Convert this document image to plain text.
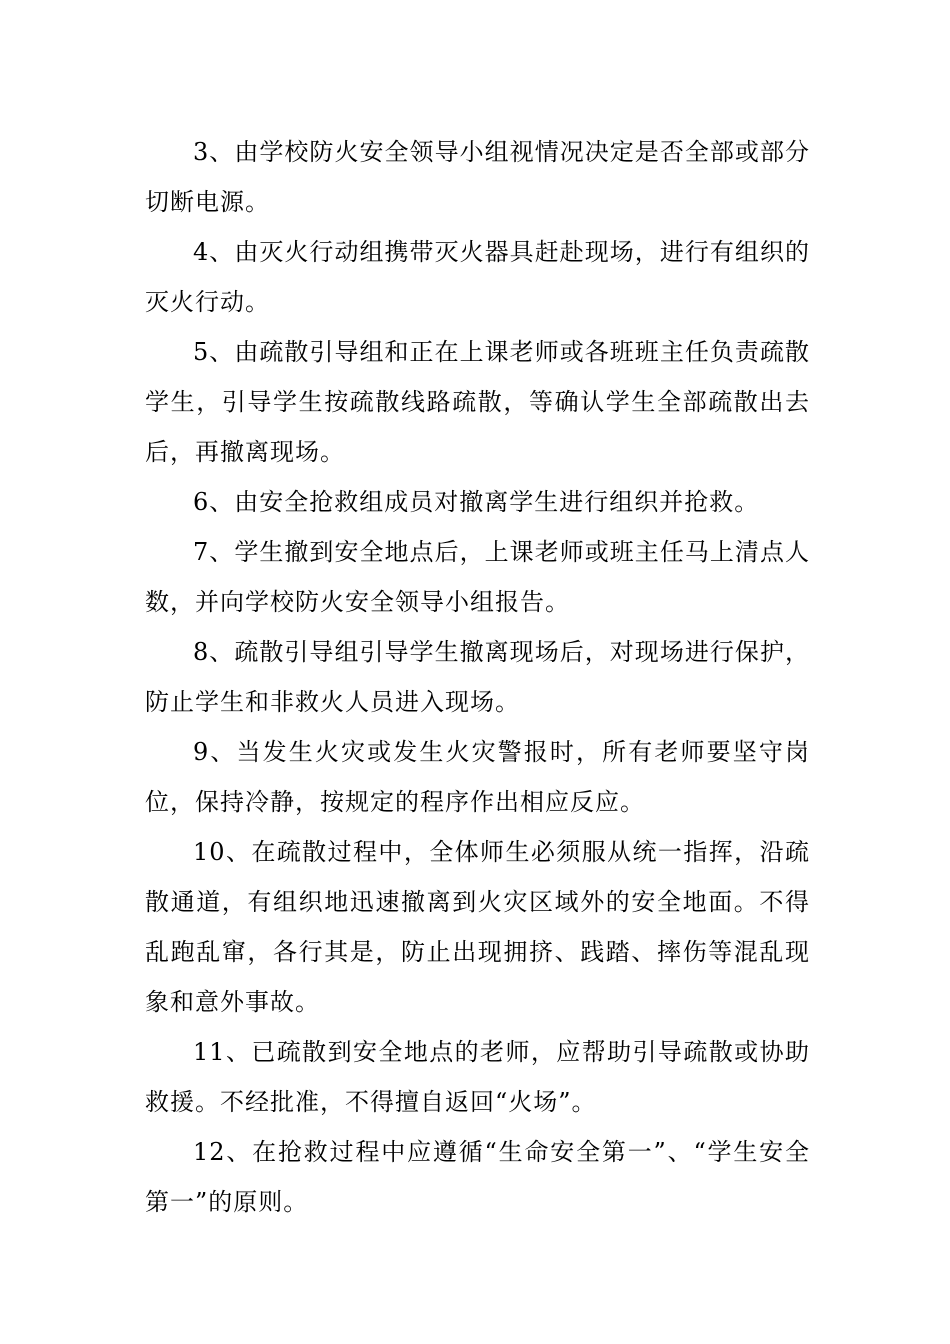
3、由学校防火安全领导小组视情况决定是否全部或部分切断电源。

4、由灭火行动组携带灭火器具赶赴现场，进行有组织的灭火行动。

5、由疏散引导组和正在上课老师或各班班主任负责疏散学生，引导学生按疏散线路疏散，等确认学生全部疏散出去后，再撤离现场。

6、由安全抢救组成员对撤离学生进行组织并抢救。

7、学生撤到安全地点后，上课老师或班主任马上清点人数，并向学校防火安全领导小组报告。

8、疏散引导组引导学生撤离现场后，对现场进行保护，防止学生和非救火人员进入现场。

9、当发生火灾或发生火灾警报时，所有老师要坚守岗位，保持冷静，按规定的程序作出相应反应。

10、在疏散过程中，全体师生必须服从统一指挥，沿疏散通道，有组织地迅速撤离到火灾区域外的安全地面。不得乱跑乱窜，各行其是，防止出现拥挤、践踏、摔伤等混乱现象和意外事故。

11、已疏散到安全地点的老师，应帮助引导疏散或协助救援。不经批准，不得擅自返回“火场”。

12、在抢救过程中应遵循“生命安全第一”、“学生安全第一”的原则。
